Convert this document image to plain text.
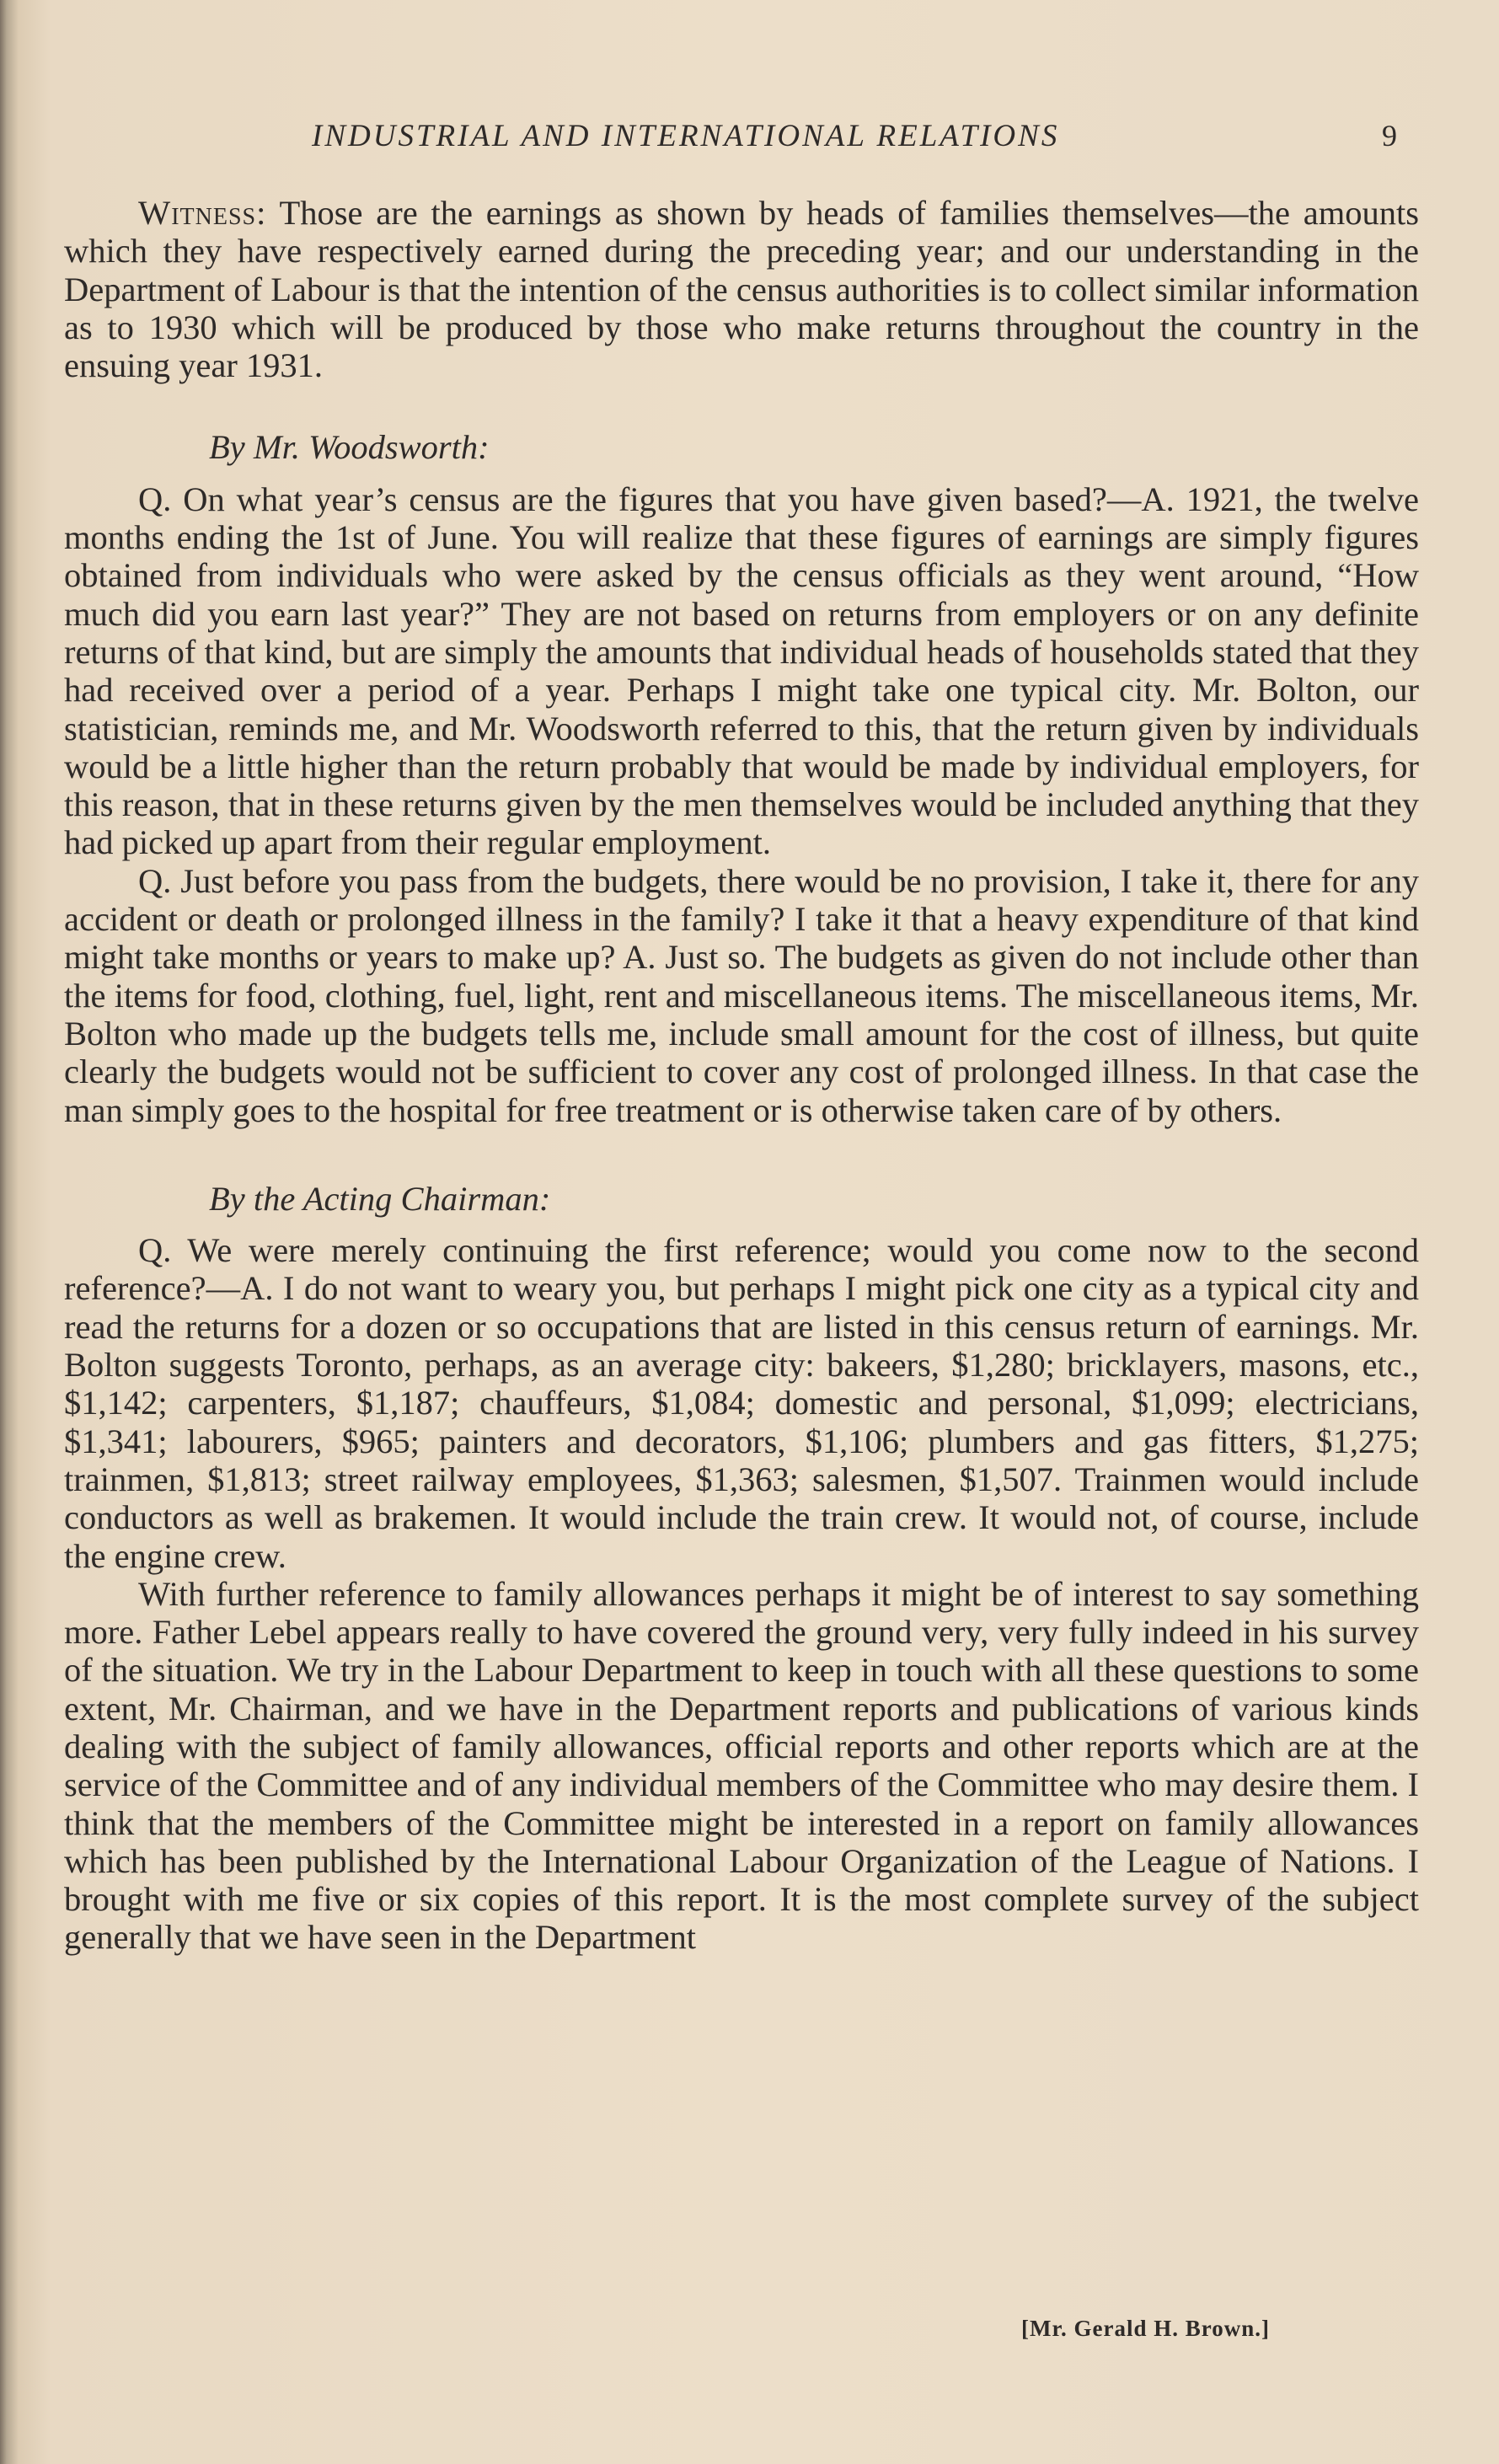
INDUSTRIAL AND INTERNATIONAL RELATIONS	9

Witness: Those are the earnings as shown by heads of families themselves—the amounts which they have respectively earned during the preceding year; and our understanding in the Department of Labour is that the intention of the census authorities is to collect similar information as to 1930 which will be produced by those who make returns throughout the country in the ensuing year 1931.

By Mr. Woodsworth:

Q. On what year’s census are the figures that you have given based?—A. 1921, the twelve months ending the 1st of June. You will realize that these figures of earnings are simply figures obtained from individuals who were asked by the census officials as they went around, “How much did you earn last year?” They are not based on returns from employers or on any definite returns of that kind, but are simply the amounts that individual heads of households stated that they had received over a period of a year. Perhaps I might take one typical city. Mr. Bolton, our statistician, reminds me, and Mr. Woodsworth referred to this, that the return given by individuals would be a little higher than the return probably that would be made by individual employers, for this reason, that in these returns given by the men themselves would be included anything that they had picked up apart from their regular employment.

Q. Just before you pass from the budgets, there would be no provision, I take it, there for any accident or death or prolonged illness in the family? I take it that a heavy expenditure of that kind might take months or years to make up? A. Just so. The budgets as given do not include other than the items for food, clothing, fuel, light, rent and miscellaneous items. The miscellaneous items, Mr. Bolton who made up the budgets tells me, include small amount for the cost of illness, but quite clearly the budgets would not be sufficient to cover any cost of prolonged illness. In that case the man simply goes to the hospital for free treatment or is otherwise taken care of by others.

By the Acting Chairman:

Q. We were merely continuing the first reference; would you come now to the second reference?—A. I do not want to weary you, but perhaps I might pick one city as a typical city and read the returns for a dozen or so occupations that are listed in this census return of earnings. Mr. Bolton suggests Toronto, perhaps, as an average city: bakeers, $1,280; bricklayers, masons, etc., $1,142; carpenters, $1,187; chauffeurs, $1,084; domestic and personal, $1,099; electricians, $1,341; labourers, $965; painters and decorators, $1,106; plumbers and gas fitters, $1,275; trainmen, $1,813; street railway employees, $1,363; salesmen, $1,507. Trainmen would include conductors as well as brakemen. It would include the train crew. It would not, of course, include the engine crew.

With further reference to family allowances perhaps it might be of interest to say something more. Father Lebel appears really to have covered the ground very, very fully indeed in his survey of the situation. We try in the Labour Department to keep in touch with all these questions to some extent, Mr. Chairman, and we have in the Department reports and publications of various kinds dealing with the subject of family allowances, official reports and other reports which are at the service of the Committee and of any individual members of the Committee who may desire them. I think that the members of the Committee might be interested in a report on family allowances which has been published by the International Labour Organization of the League of Nations. I brought with me five or six copies of this report. It is the most complete survey of the subject generally that we have seen in the Department

[Mr. Gerald H. Brown.]
